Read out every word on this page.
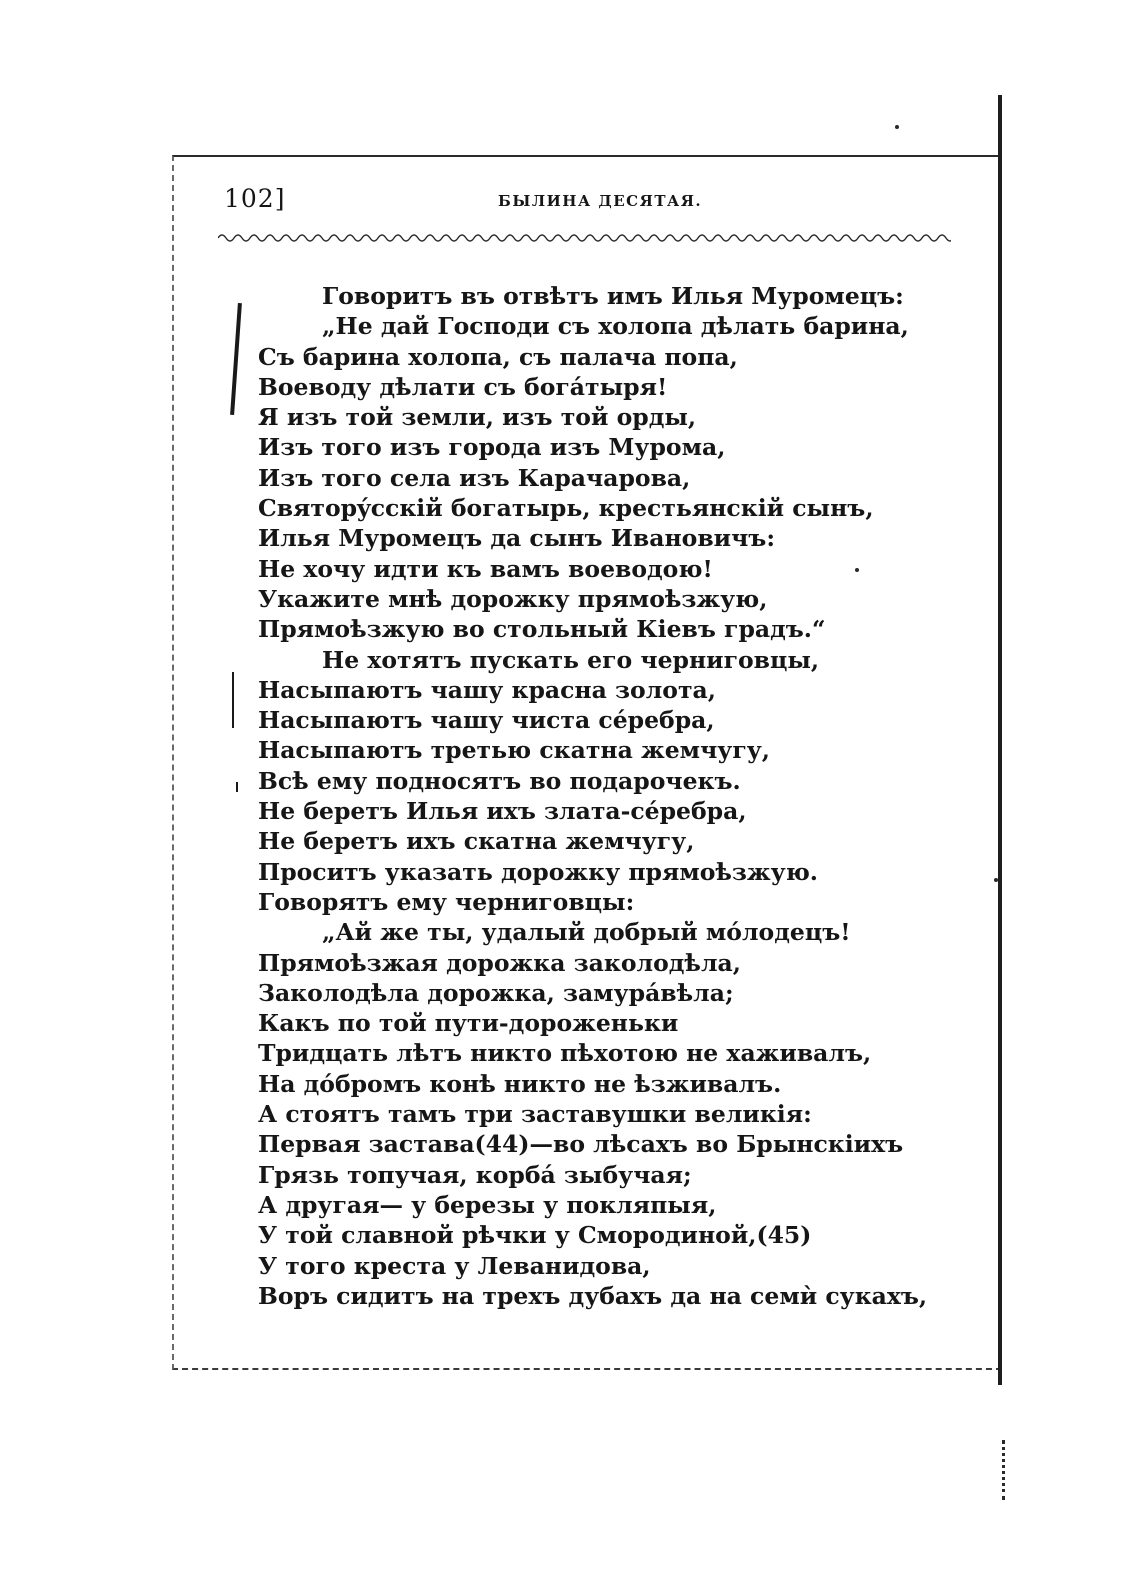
102]	БЫЛИНА ДЕСЯТАЯ.
Говоритъ въ отвѣтъ имъ Илья Муромецъ:
„Не дай Господи съ холопа дѣлать барина,
Съ барина холопа, съ палача попа,
Воеводу дѣлати съ богáтыря!
Я изъ той земли, изъ той орды,
Изъ того изъ города изъ Мурома,
Изъ того села изъ Карачарова,
Святорýсскій богатырь, крестьянскій сынъ,
Илья Муромецъ да сынъ Ивановичъ:
Не хочу идти къ вамъ воеводою!
Укажите мнѣ дорожку прямоѣзжую,
Прямоѣзжую во стольный Кіевъ градъ.“
Не хотятъ пускать его черниговцы,
Насыпаютъ чашу красна золота,
Насыпаютъ чашу чиста сéребра,
Насыпаютъ третью скатна жемчугу,
Всѣ ему подносятъ во подарочекъ.
Не беретъ Илья ихъ злата-сéребра,
Не беретъ ихъ скатна жемчугу,
Проситъ указать дорожку прямоѣзжую.
Говорятъ ему черниговцы:
„Ай же ты, удалый добрый мóлодецъ!
Прямоѣзжая дорожка заколодѣла,
Заколодѣла дорожка, замурáвѣла;
Какъ по той пути-дороженьки
Тридцать лѣтъ никто пѣхотою не хаживалъ,
На дóбромъ конѣ никто не ѣзживалъ.
А стоятъ тамъ три заставушки великія:
Первая застава(44)—во лѣсахъ во Брынскіихъ
Грязь топучая, корбá зыбучая;
А другая— у березы у покляпыя,
У той славной рѣчки у Смородиной,(45)
У того креста у Леванидова,
Воръ сидитъ на трехъ дубахъ да на семѝ сукахъ,
